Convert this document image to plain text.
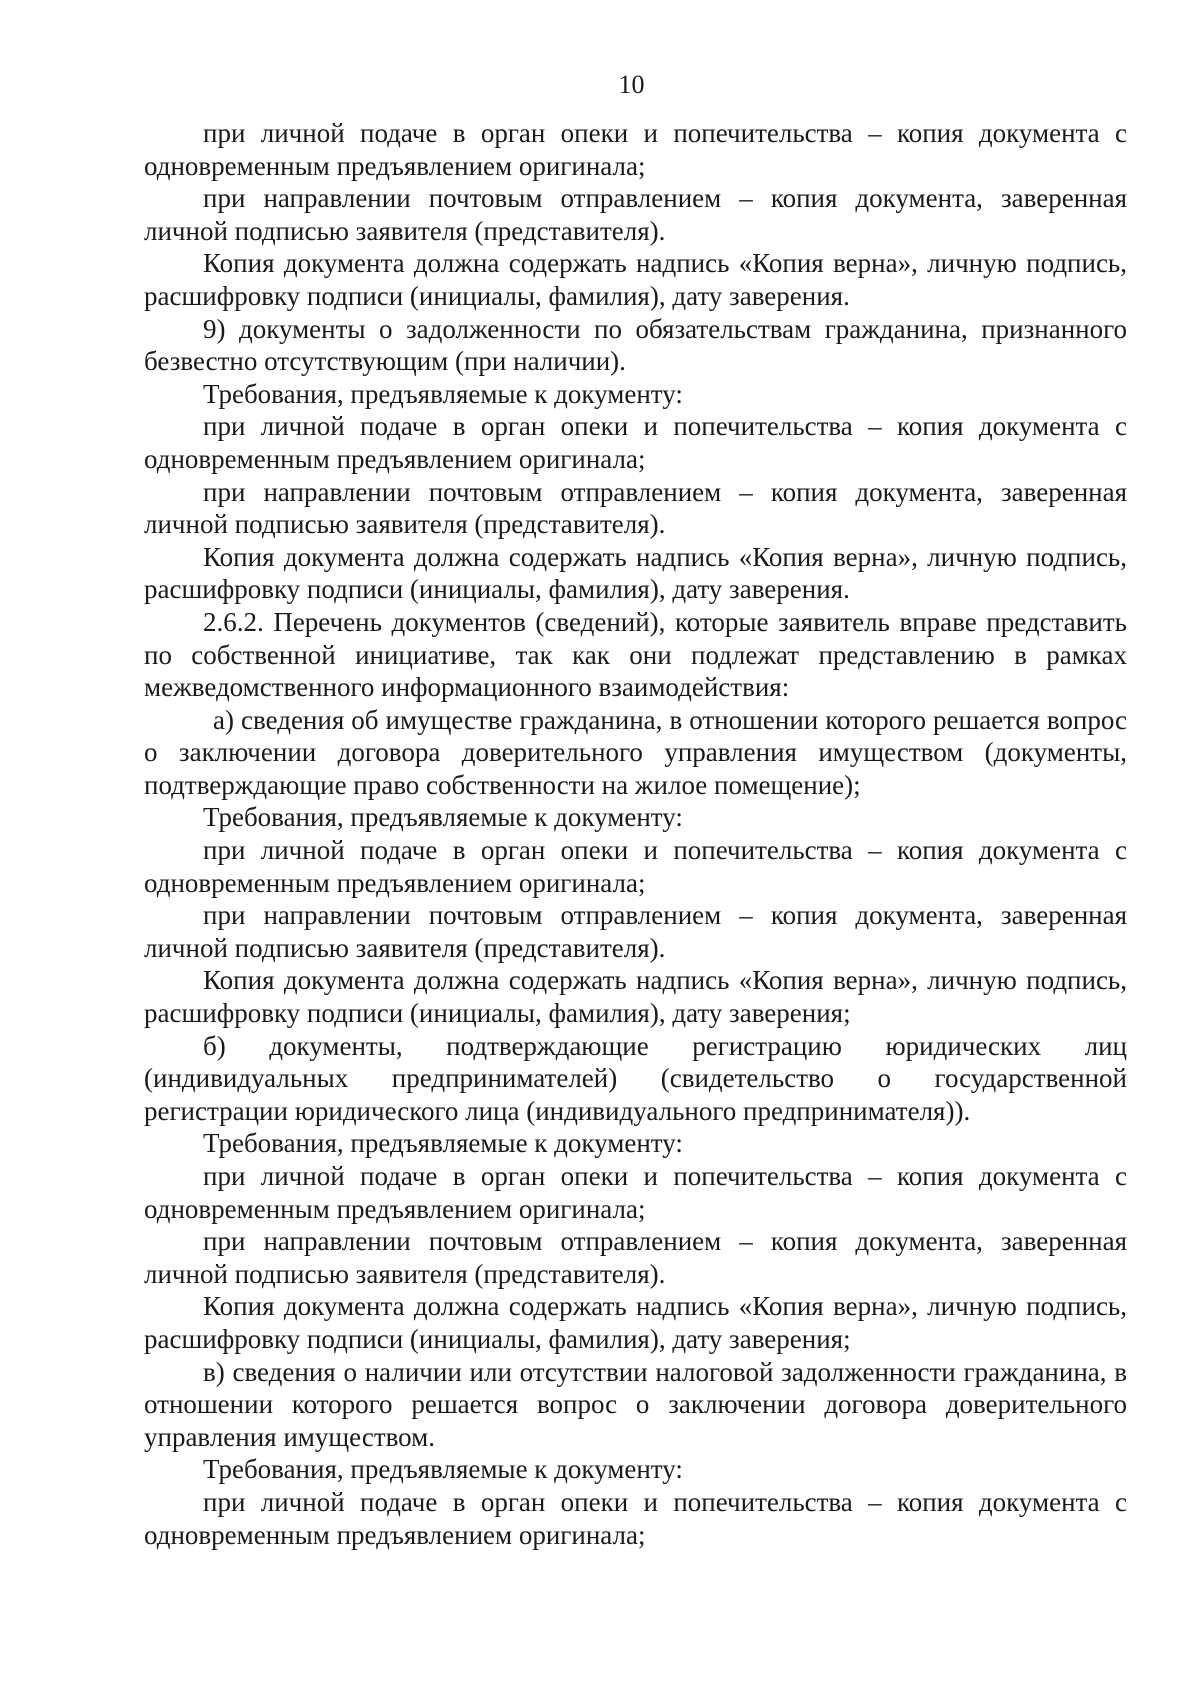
10

при личной подаче в орган опеки и попечительства – копия документа с одновременным предъявлением оригинала;

при направлении почтовым отправлением – копия документа, заверенная личной подписью заявителя (представителя).

Копия документа должна содержать надпись «Копия верна», личную подпись, расшифровку подписи (инициалы, фамилия), дату заверения.

9) документы о задолженности по обязательствам гражданина, признанного безвестно отсутствующим (при наличии).

Требования, предъявляемые к документу:

при личной подаче в орган опеки и попечительства – копия документа с одновременным предъявлением оригинала;

при направлении почтовым отправлением – копия документа, заверенная личной подписью заявителя (представителя).

Копия документа должна содержать надпись «Копия верна», личную подпись, расшифровку подписи (инициалы, фамилия), дату заверения.

2.6.2. Перечень документов (сведений), которые заявитель вправе представить по собственной инициативе, так как они подлежат представлению в рамках межведомственного информационного взаимодействия:

а) сведения об имуществе гражданина, в отношении которого решается вопрос о заключении договора доверительного управления имуществом (документы, подтверждающие право собственности на жилое помещение);

Требования, предъявляемые к документу:

при личной подаче в орган опеки и попечительства – копия документа с одновременным предъявлением оригинала;

при направлении почтовым отправлением – копия документа, заверенная личной подписью заявителя (представителя).

Копия документа должна содержать надпись «Копия верна», личную подпись, расшифровку подписи (инициалы, фамилия), дату заверения;

б) документы, подтверждающие регистрацию юридических лиц (индивидуальных предпринимателей) (свидетельство о государственной регистрации юридического лица (индивидуального предпринимателя)).

Требования, предъявляемые к документу:

при личной подаче в орган опеки и попечительства – копия документа с одновременным предъявлением оригинала;

при направлении почтовым отправлением – копия документа, заверенная личной подписью заявителя (представителя).

Копия документа должна содержать надпись «Копия верна», личную подпись, расшифровку подписи (инициалы, фамилия), дату заверения;

в) сведения о наличии или отсутствии налоговой задолженности гражданина, в отношении которого решается вопрос о заключении договора доверительного управления имуществом.

Требования, предъявляемые к документу:

при личной подаче в орган опеки и попечительства – копия документа с одновременным предъявлением оригинала;
